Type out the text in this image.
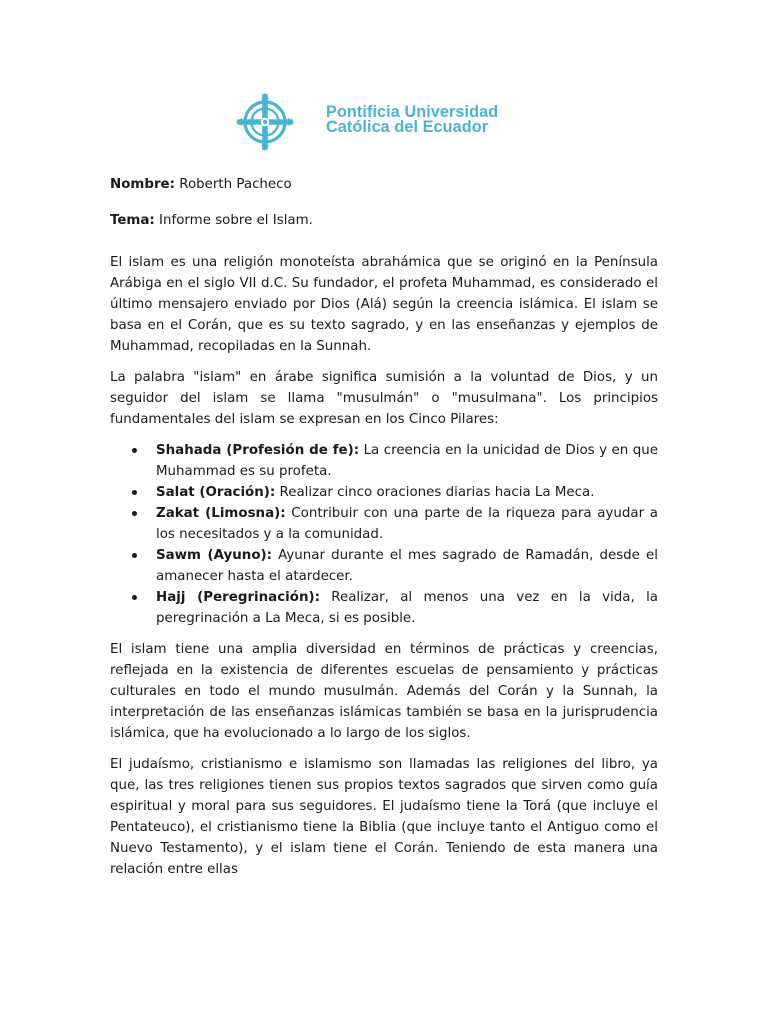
Pontificia Universidad
Católica del Ecuador

Nombre: Roberth Pacheco

Tema: Informe sobre el Islam.

El islam es una religión monoteísta abrahámica que se originó en la Península Arábiga en el siglo VII d.C. Su fundador, el profeta Muhammad, es considerado el último mensajero enviado por Dios (Alá) según la creencia islámica. El islam se basa en el Corán, que es su texto sagrado, y en las enseñanzas y ejemplos de Muhammad, recopiladas en la Sunnah.

La palabra "islam" en árabe significa sumisión a la voluntad de Dios, y un seguidor del islam se llama "musulmán" o "musulmana". Los principios fundamentales del islam se expresan en los Cinco Pilares:

Shahada (Profesión de fe): La creencia en la unicidad de Dios y en que Muhammad es su profeta.
Salat (Oración): Realizar cinco oraciones diarias hacia La Meca.
Zakat (Limosna): Contribuir con una parte de la riqueza para ayudar a los necesitados y a la comunidad.
Sawm (Ayuno): Ayunar durante el mes sagrado de Ramadán, desde el amanecer hasta el atardecer.
Hajj (Peregrinación): Realizar, al menos una vez en la vida, la peregrinación a La Meca, si es posible.

El islam tiene una amplia diversidad en términos de prácticas y creencias, reflejada en la existencia de diferentes escuelas de pensamiento y prácticas culturales en todo el mundo musulmán. Además del Corán y la Sunnah, la interpretación de las enseñanzas islámicas también se basa en la jurisprudencia islámica, que ha evolucionado a lo largo de los siglos.

El judaísmo, cristianismo e islamismo son llamadas las religiones del libro, ya que, las tres religiones tienen sus propios textos sagrados que sirven como guía espiritual y moral para sus seguidores. El judaísmo tiene la Torá (que incluye el Pentateuco), el cristianismo tiene la Biblia (que incluye tanto el Antiguo como el Nuevo Testamento), y el islam tiene el Corán. Teniendo de esta manera una relación entre ellas
